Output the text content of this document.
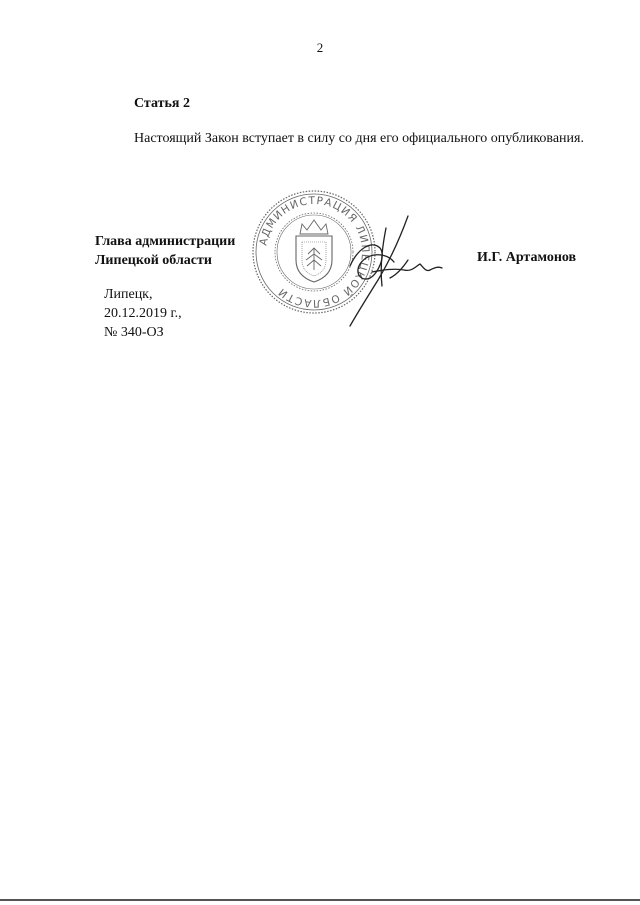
2
Статья 2

Настоящий Закон вступает в силу со дня его официального опубликования.

Глава администрации
Липецкой области
АДМИНИСТРАЦИЯ ЛИПЕЦКОЙ ОБЛАСТИ
И.Г. Артамонов
Липецк,
20.12.2019 г.,
№ 340-ОЗ
